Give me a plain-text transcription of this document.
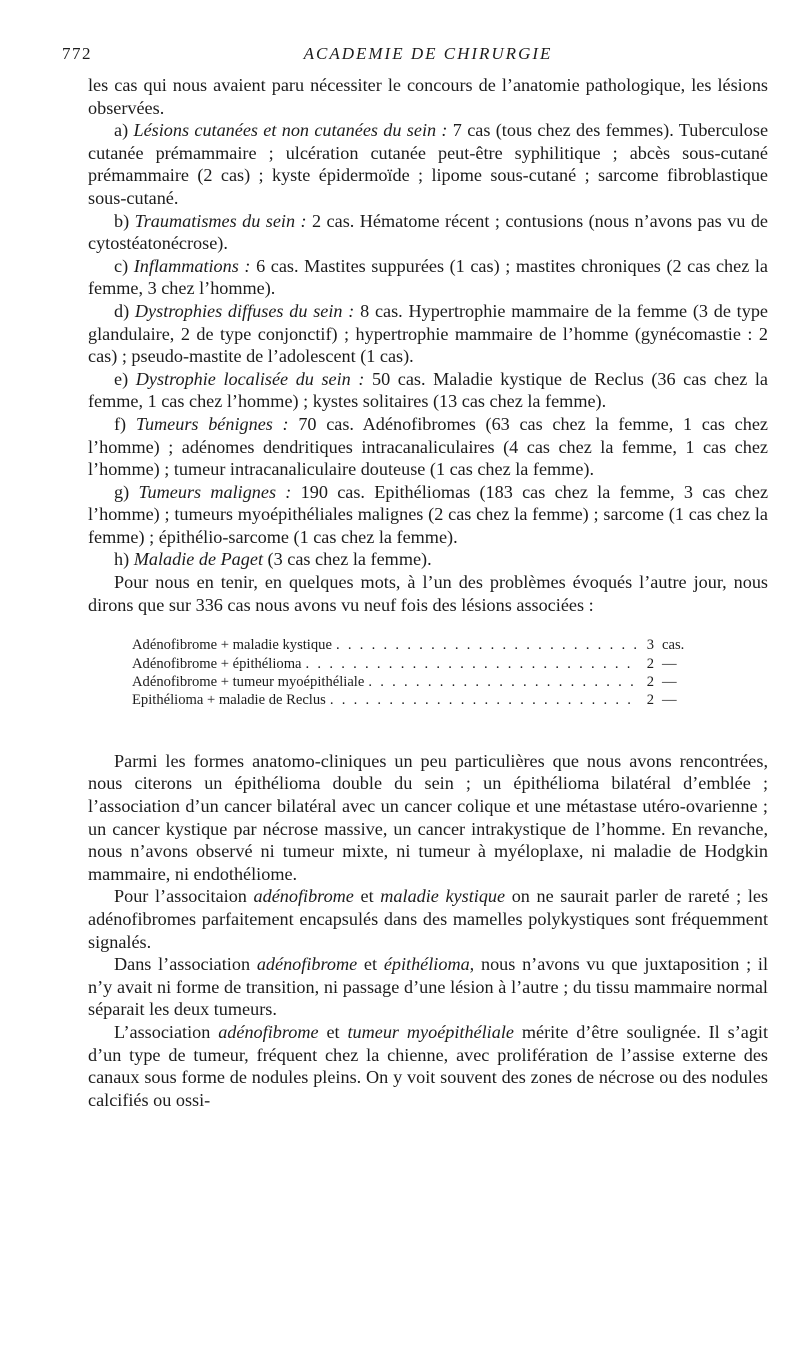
772	ACADEMIE DE CHIRURGIE

les cas qui nous avaient paru nécessiter le concours de l’anatomie pathologique, les lésions observées.

a) Lésions cutanées et non cutanées du sein : 7 cas (tous chez des femmes). Tuberculose cutanée prémammaire ; ulcération cutanée peut-être syphilitique ; abcès sous-cutané prémammaire (2 cas) ; kyste épidermoïde ; lipome sous-cutané ; sarcome fibroblastique sous-cutané.

b) Traumatismes du sein : 2 cas. Hématome récent ; contusions (nous n’avons pas vu de cytostéatonécrose).

c) Inflammations : 6 cas. Mastites suppurées (1 cas) ; mastites chroniques (2 cas chez la femme, 3 chez l’homme).

d) Dystrophies diffuses du sein : 8 cas. Hypertrophie mammaire de la femme (3 de type glandulaire, 2 de type conjonctif) ; hypertrophie mammaire de l’homme (gynécomastie : 2 cas) ; pseudo-mastite de l’adolescent (1 cas).

e) Dystrophie localisée du sein : 50 cas. Maladie kystique de Reclus (36 cas chez la femme, 1 cas chez l’homme) ; kystes solitaires (13 cas chez la femme).

f) Tumeurs bénignes : 70 cas. Adénofibromes (63 cas chez la femme, 1 cas chez l’homme) ; adénomes dendritiques intracanaliculaires (4 cas chez la femme, 1 cas chez l’homme) ; tumeur intracanaliculaire douteuse (1 cas chez la femme).

g) Tumeurs malignes : 190 cas. Epithéliomas (183 cas chez la femme, 3 cas chez l’homme) ; tumeurs myoépithéliales malignes (2 cas chez la femme) ; sarcome (1 cas chez la femme) ; épithélio-sarcome (1 cas chez la femme).

h) Maladie de Paget (3 cas chez la femme).

Pour nous en tenir, en quelques mots, à l’un des problèmes évoqués l’autre jour, nous dirons que sur 336 cas nous avons vu neuf fois des lésions associées :

Adénofibrome + maladie kystique . . .	3 cas.
Adénofibrome + épithélioma . . .	2 —
Adénofibrome + tumeur myoépithéliale . . .	2 —
Epithélioma + maladie de Reclus . . .	2 —

Parmi les formes anatomo-cliniques un peu particulières que nous avons rencontrées, nous citerons un épithélioma double du sein ; un épithélioma bilatéral d’emblée ; l’association d’un cancer bilatéral avec un cancer colique et une métastase utéro-ovarienne ; un cancer kystique par nécrose massive, un cancer intrakystique de l’homme. En revanche, nous n’avons observé ni tumeur mixte, ni tumeur à myéloplaxe, ni maladie de Hodgkin mammaire, ni endothéliome.

Pour l’associtaion adénofibrome et maladie kystique on ne saurait parler de rareté ; les adénofibromes parfaitement encapsulés dans des mamelles polykystiques sont fréquemment signalés.

Dans l’association adénofibrome et épithélioma, nous n’avons vu que juxtaposition ; il n’y avait ni forme de transition, ni passage d’une lésion à l’autre ; du tissu mammaire normal séparait les deux tumeurs.

L’association adénofibrome et tumeur myoépithéliale mérite d’être soulignée. Il s’agit d’un type de tumeur, fréquent chez la chienne, avec prolifération de l’assise externe des canaux sous forme de nodules pleins. On y voit souvent des zones de nécrose ou des nodules calcifiés ou ossi-
